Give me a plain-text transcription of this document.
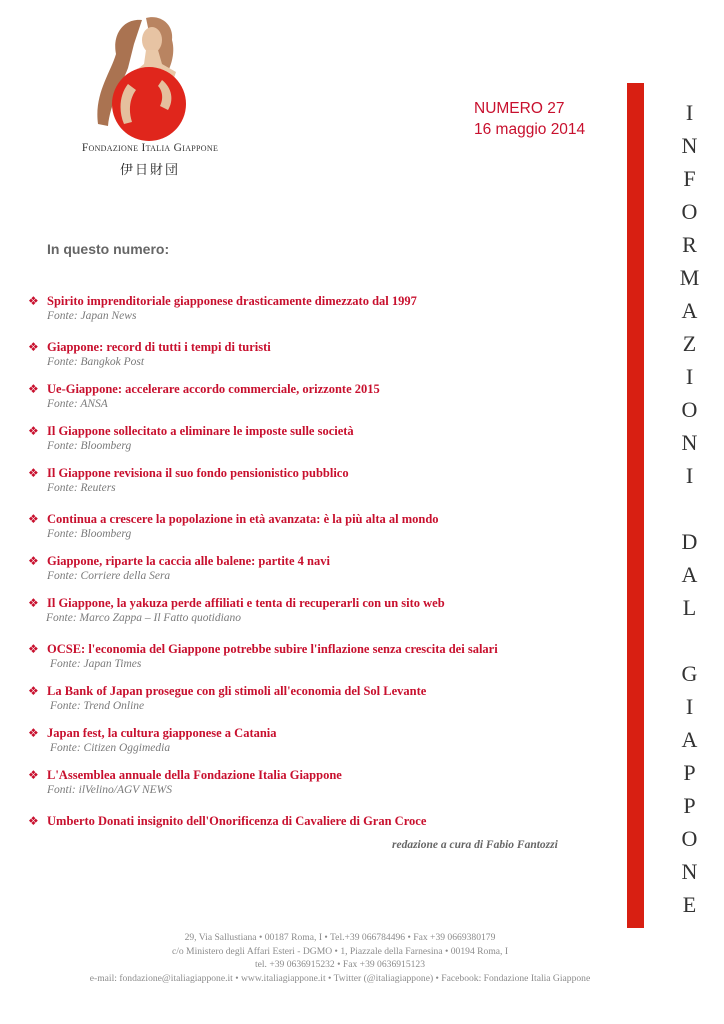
Fondazione Italia Giappone
伊日財団
NUMERO 27
16 maggio 2014
I
N
F
O
R
M
A
Z
I
O
N
I
D
A
L
G
I
A
P
P
O
N
E
In questo numero:
❖ Spirito imprenditoriale giapponese drasticamente dimezzato dal 1997
Fonte: Japan News
❖ Giappone: record di tutti i tempi di turisti
Fonte: Bangkok Post
❖ Ue-Giappone: accelerare accordo commerciale, orizzonte 2015
Fonte: ANSA
❖ Il Giappone sollecitato a eliminare le imposte sulle società
Fonte: Bloomberg
❖ Il Giappone revisiona il suo fondo pensionistico pubblico
Fonte: Reuters
❖ Continua a crescere la popolazione in età avanzata: è la più alta al mondo
Fonte: Bloomberg
❖ Giappone, riparte la caccia alle balene: partite 4 navi
Fonte: Corriere della Sera
❖ Il Giappone, la yakuza perde affiliati e tenta di recuperarli con un sito web
Fonte: Marco Zappa – Il Fatto quotidiano
❖ OCSE: l'economia del Giappone potrebbe subire l'inflazione senza crescita dei salari
Fonte: Japan Times
❖ La Bank of Japan prosegue con gli stimoli all'economia del Sol Levante
Fonte: Trend Online
❖ Japan fest, la cultura giapponese a Catania
Fonte: Citizen Oggimedia
❖ L'Assemblea annuale della Fondazione Italia Giappone
Fonti: ilVelino/AGV NEWS
❖ Umberto Donati insignito dell'Onorificenza di Cavaliere di Gran Croce
redazione a cura di Fabio Fantozzi
29, Via Sallustiana • 00187 Roma, I • Tel.+39 066784496 • Fax +39 0669380179
c/o Ministero degli Affari Esteri - DGMO • 1, Piazzale della Farnesina • 00194 Roma, I
tel. +39 0636915232 • Fax +39 0636915123
e-mail: fondazione@italiagiappone.it • www.italiagiappone.it • Twitter (@italiagiappone) • Facebook: Fondazione Italia Giappone
